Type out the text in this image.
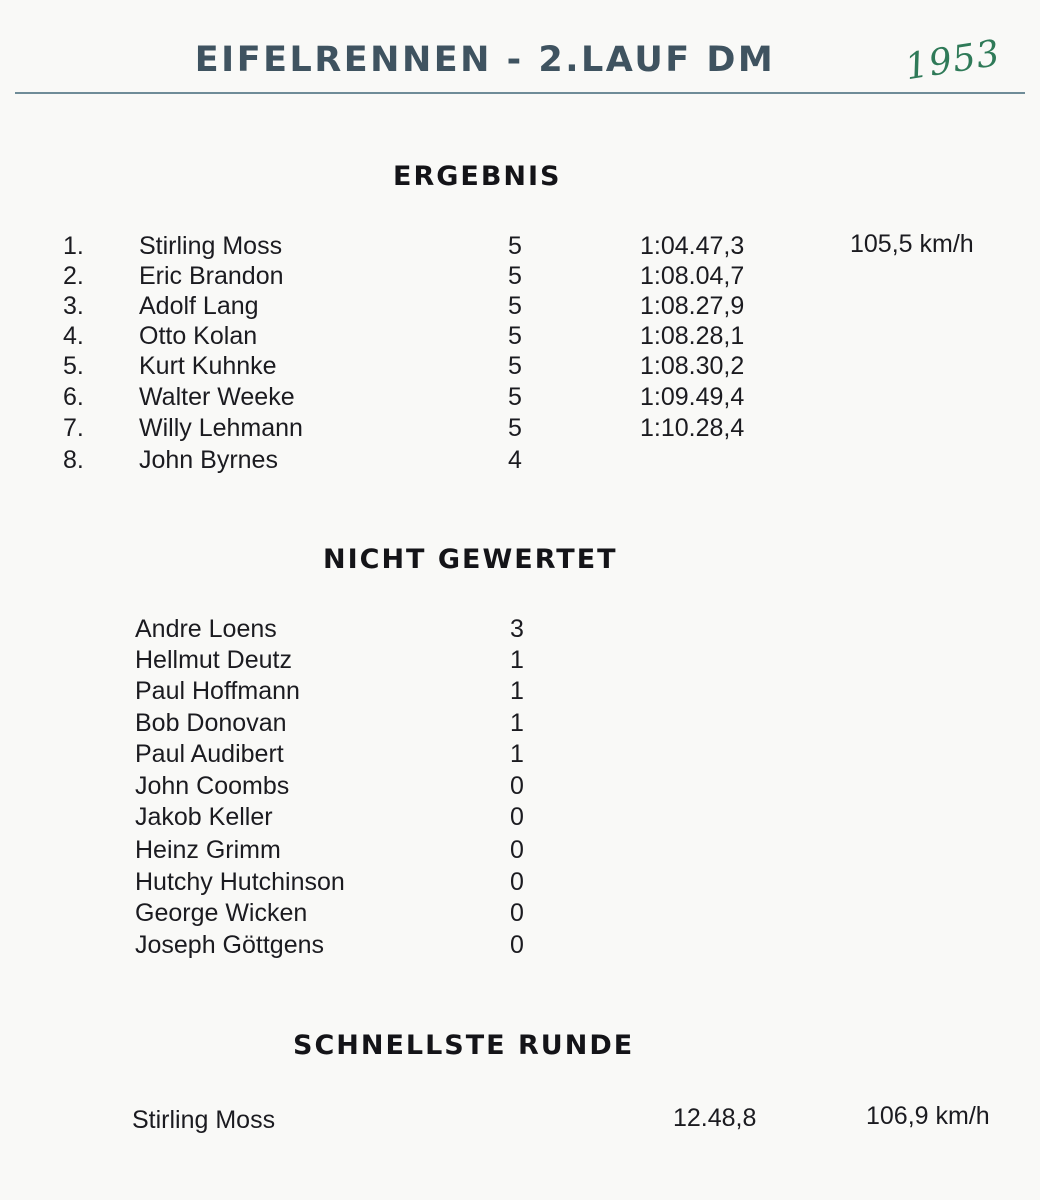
EIFELRENNEN - 2.LAUF DM	1953
ERGEBNIS
1. Stirling Moss	5	1:04.47,3	105,5 km/h
2. Eric Brandon	5	1:08.04,7
3. Adolf Lang	5	1:08.27,9
4. Otto Kolan	5	1:08.28,1
5. Kurt Kuhnke	5	1:08.30,2
6. Walter Weeke	5	1:09.49,4
7. Willy Lehmann	5	1:10.28,4
8. John Byrnes	4
NICHT GEWERTET
Andre Loens	3
Hellmut Deutz	1
Paul Hoffmann	1
Bob Donovan	1
Paul Audibert	1
John Coombs	0
Jakob Keller	0
Heinz Grimm	0
Hutchy Hutchinson	0
George Wicken	0
Joseph Göttgens	0
SCHNELLSTE RUNDE
Stirling Moss	12.48,8	106,9 km/h
